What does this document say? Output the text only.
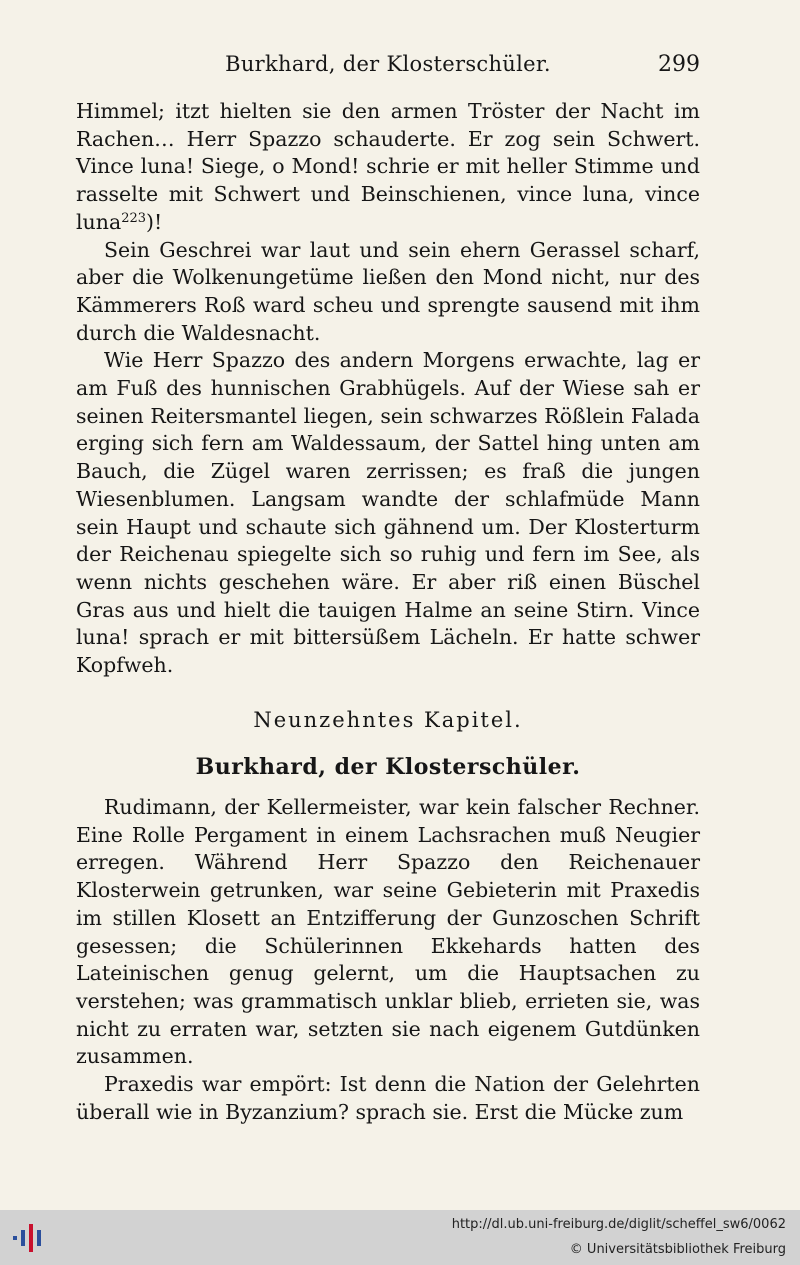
Burkhard, der Klosterschüler.	299

Himmel; itzt hielten sie den armen Tröster der Nacht im Rachen… Herr Spazzo schauderte. Er zog sein Schwert. Vince luna! Siege, o Mond! schrie er mit heller Stimme und rasselte mit Schwert und Beinschienen, vince luna, vince luna$^{223}$)!

Sein Geschrei war laut und sein ehern Gerassel scharf, aber die Wolkenungetüme ließen den Mond nicht, nur des Kämmerers Roß ward scheu und sprengte sausend mit ihm durch die Waldesnacht.

Wie Herr Spazzo des andern Morgens erwachte, lag er am Fuß des hunnischen Grabhügels. Auf der Wiese sah er seinen Reitersmantel liegen, sein schwarzes Rößlein Falada erging sich fern am Waldessaum, der Sattel hing unten am Bauch, die Zügel waren zerrissen; es fraß die jungen Wiesenblumen. Langsam wandte der schlafmüde Mann sein Haupt und schaute sich gähnend um. Der Klosterturm der Reichenau spiegelte sich so ruhig und fern im See, als wenn nichts geschehen wäre. Er aber riß einen Büschel Gras aus und hielt die tauigen Halme an seine Stirn. Vince luna! sprach er mit bittersüßem Lächeln. Er hatte schwer Kopfweh.

Neunzehntes Kapitel.
Burkhard, der Klosterschüler.

Rudimann, der Kellermeister, war kein falscher Rechner. Eine Rolle Pergament in einem Lachsrachen muß Neugier erregen. Während Herr Spazzo den Reichenauer Klosterwein getrunken, war seine Gebieterin mit Praxedis im stillen Klosett an Entzifferung der Gunzoschen Schrift gesessen; die Schülerinnen Ekkehards hatten des Lateinischen genug gelernt, um die Hauptsachen zu verstehen; was grammatisch unklar blieb, errieten sie, was nicht zu erraten war, setzten sie nach eigenem Gutdünken zusammen.

Praxedis war empört: Ist denn die Nation der Gelehrten überall wie in Byzanzium? sprach sie. Erst die Mücke zum

http://dl.ub.uni-freiburg.de/diglit/scheffel_sw6/0062
© Universitätsbibliothek Freiburg
